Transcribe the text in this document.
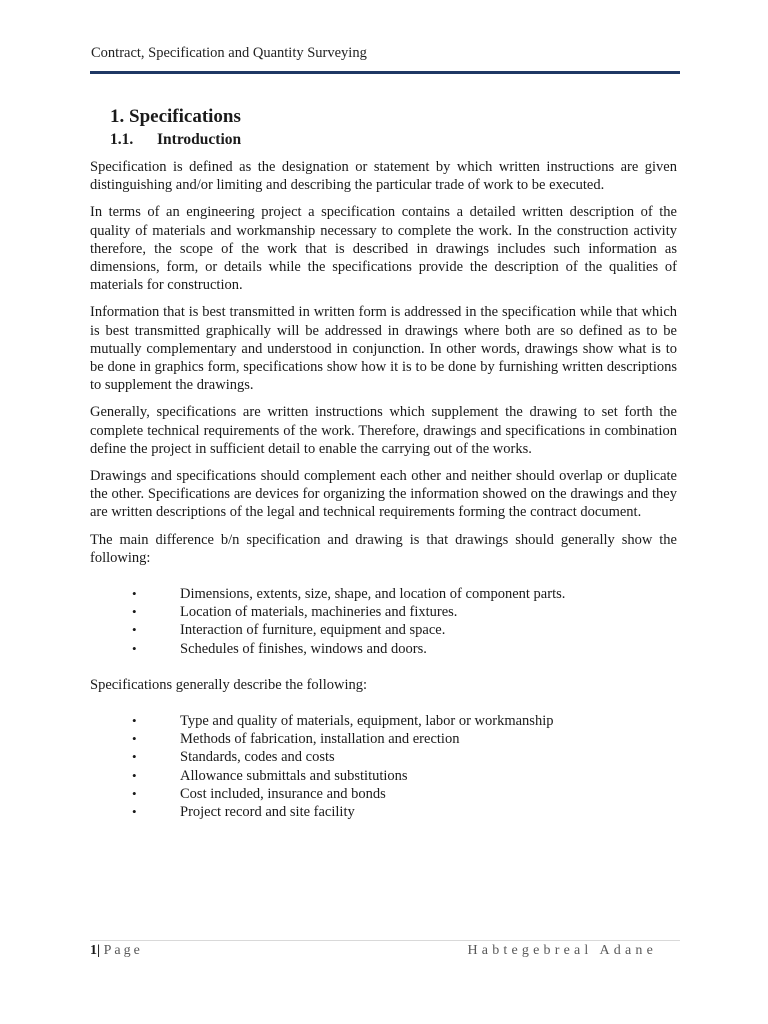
Contract, Specification and Quantity Surveying
1. Specifications
1.1. Introduction

Specification is defined as the designation or statement by which written instructions are given distinguishing and/or limiting and describing the particular trade of work to be executed.

In terms of an engineering project a specification contains a detailed written description of the quality of materials and workmanship necessary to complete the work. In the construction activity therefore, the scope of the work that is described in drawings includes such information as dimensions, form, or details while the specifications provide the description of the qualities of materials for construction.

Information that is best transmitted in written form is addressed in the specification while that which is best transmitted graphically will be addressed in drawings where both are so defined as to be mutually complementary and understood in conjunction. In other words, drawings show what is to be done in graphics form, specifications show how it is to be done by furnishing written descriptions to supplement the drawings.

Generally, specifications are written instructions which supplement the drawing to set forth the complete technical requirements of the work. Therefore, drawings and specifications in combination define the project in sufficient detail to enable the carrying out of the works.

Drawings and specifications should complement each other and neither should overlap or duplicate the other. Specifications are devices for organizing the information showed on the drawings and they are written descriptions of the legal and technical requirements forming the contract document.

The main difference b/n specification and drawing is that drawings should generally show the following:

•	Dimensions, extents, size, shape, and location of component parts.
•	Location of materials, machineries and fixtures.
•	Interaction of furniture, equipment and space.
•	Schedules of finishes, windows and doors.

Specifications generally describe the following:

•	Type and quality of materials, equipment, labor or workmanship
•	Methods of fabrication, installation and erection
•	Standards, codes and costs
•	Allowance submittals and substitutions
•	Cost included, insurance and bonds
•	Project record and site facility
1| Page	Habtegebreal Adane
